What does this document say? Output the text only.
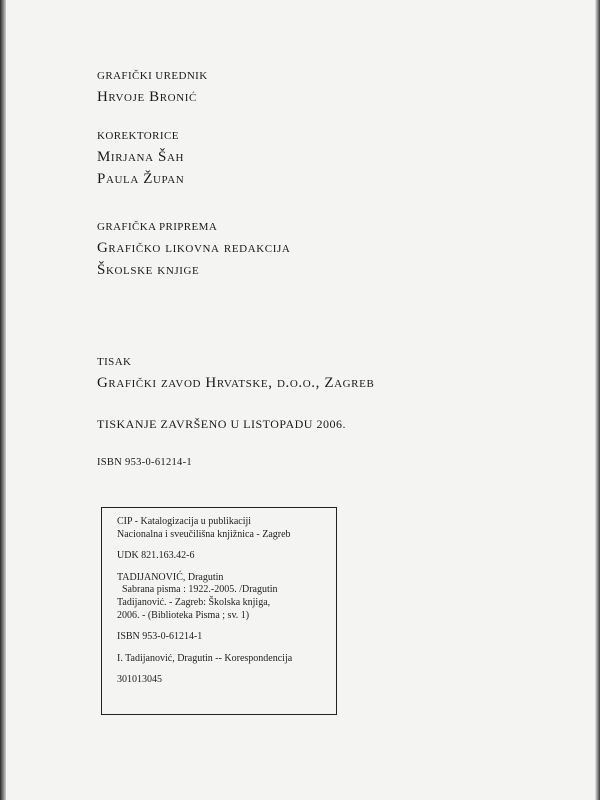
GRAFIČKI UREDNIK
Hrvoje Bronić
KOREKTORICE
Mirjana Šah
Paula Župan
GRAFIČKA PRIPREMA
Grafičko likovna redakcija
Školske knjige
TISAK
Grafički zavod Hrvatske, d.o.o., Zagreb
TISKANJE ZAVRŠENO U LISTOPADU 2006.
ISBN 953-0-61214-1
CIP - Katalogizacija u publikaciji
Nacionalna i sveučilišna knjižnica - Zagreb
UDK 821.163.42-6
TADIJANOVIĆ, Dragutin
Sabrana pisma : 1922.-2005. /Dragutin
Tadijanović. - Zagreb: Školska knjiga,
2006. - (Biblioteka Pisma ; sv. 1)
ISBN 953-0-61214-1
I. Tadijanović, Dragutin -- Korespondencija
301013045
